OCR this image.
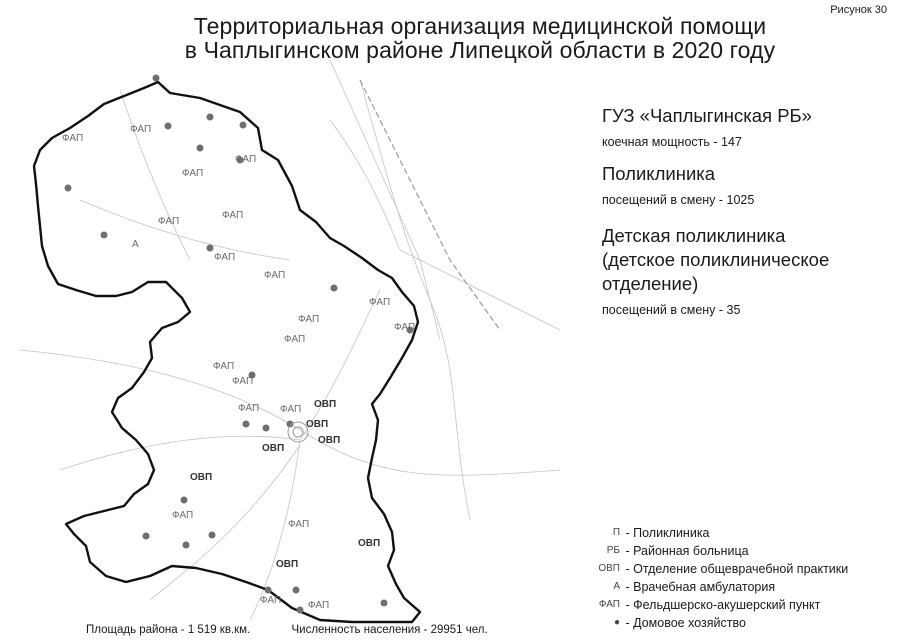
Рисунок 30
Территориальная организация медицинской помощи
в Чаплыгинском районе Липецкой области в 2020 году
ФАП
ФАП
ФАП
ФАП
ФАП
ФАП
ФАП
ФАП
ФАП
ФАП
ФАП
ФАП
ФАП
ФАП
ФАП ФАП
ФАП
ФАП
ФАП	ФАП
ОВП
ОВП
ОВП
ОВП
ОВП
ОВП
ОВП
А
ГУЗ «Чаплыгинская РБ»
коечная мощность - 147
Поликлиника
посещений в смену - 1025
Детская поликлиника
(детское поликлиническое
отделение)
посещений в смену - 35
П - Поликлиника
РБ - Районная больница
ОВП - Отделение общеврачебной практики
А - Врачебная амбулатория
ФАП - Фельдшерско-акушерский пункт
● - Домовое хозяйство
Площадь района - 1 519 кв.км.	Численность населения - 29951 чел.
